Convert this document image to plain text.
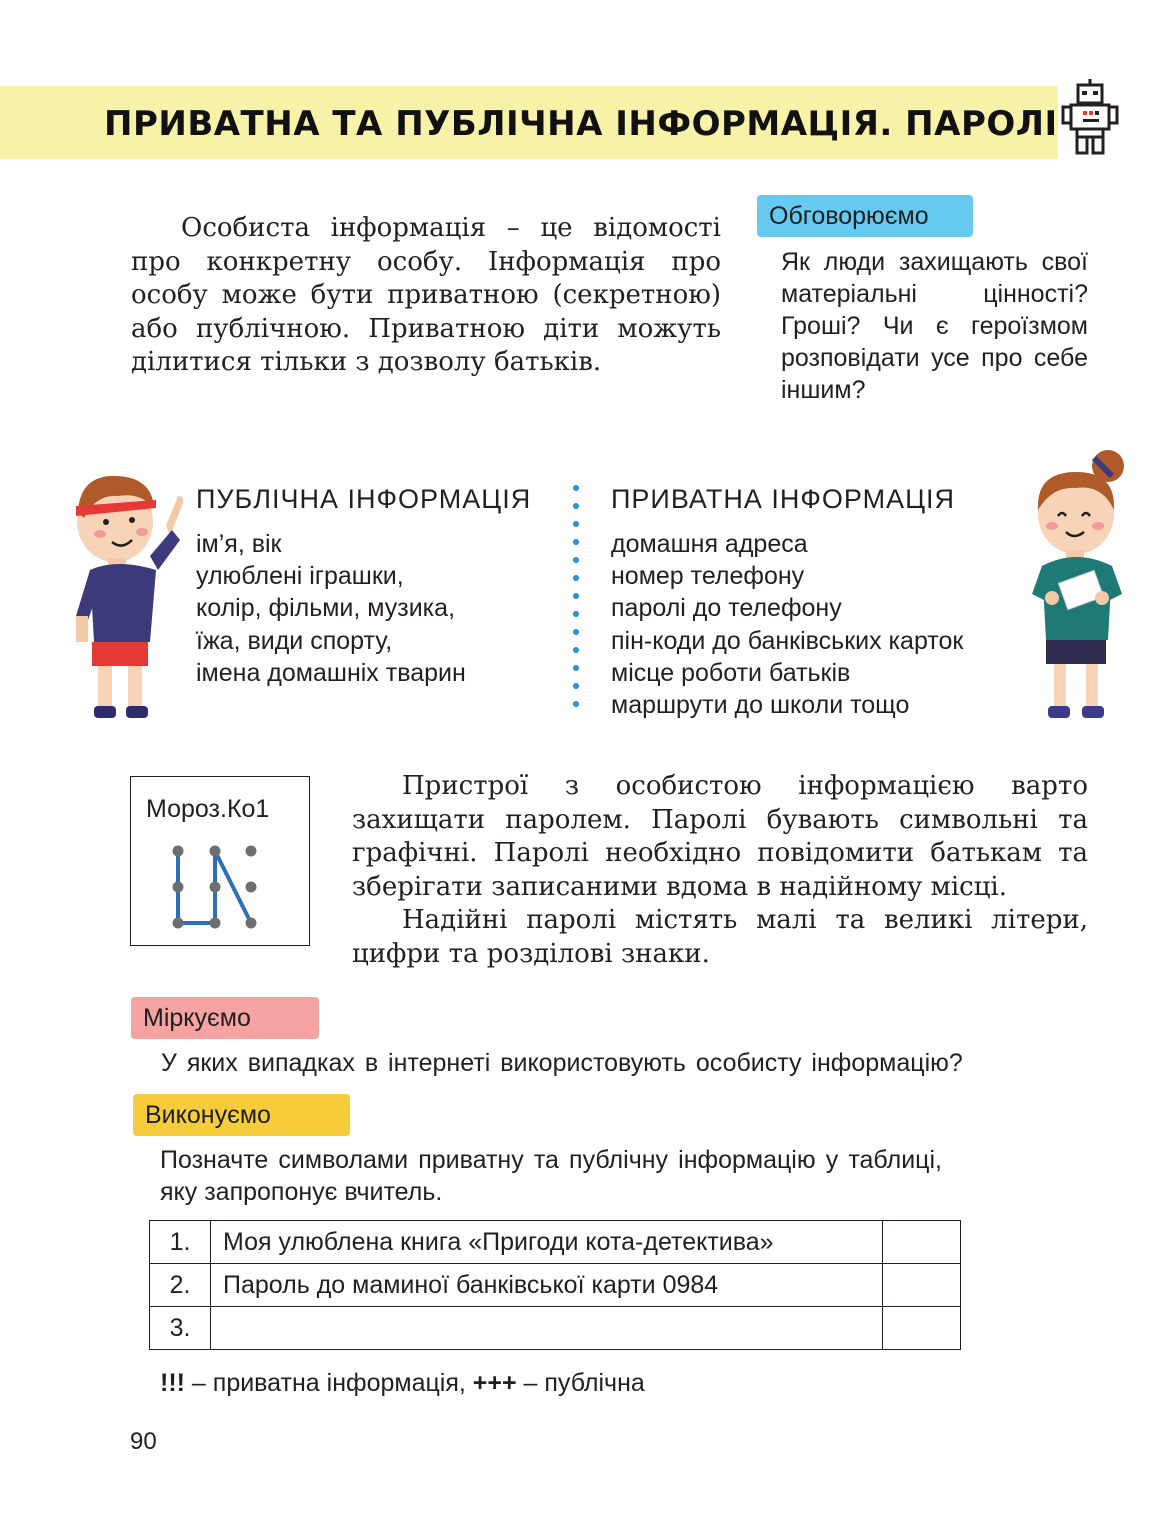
ПРИВАТНА ТА ПУБЛІЧНА ІНФОРМАЦІЯ. ПАРОЛІ
Особиста інформація – це відомості про конкретну особу. Інформація про особу може бути приватною (секретною) або публічною. Приватною діти можуть ділитися тільки з дозволу батьків.
Обговорюємо
Як люди захищають свої матеріальні цінності? Гроші? Чи є героїзмом розповідати усе про себе іншим?
ПУБЛІЧНА ІНФОРМАЦІЯ
ім’я, вік
улюблені іграшки,
колір, фільми, музика,
їжа, види спорту,
імена домашніх тварин
ПРИВАТНА ІНФОРМАЦІЯ
домашня адреса
номер телефону
паролі до телефону
пін-коди до банківських карток
місце роботи батьків
маршрути до школи тощо
Мороз.Ко1

Пристрої з особистою інформацією варто захищати паролем. Паролі бувають символьні та графічні. Паролі необхідно повідомити батькам та зберігати записаними вдома в надійному місці.

Надійні паролі містять малі та великі літери, цифри та розділові знаки.

Міркуємо
У яких випадках в інтернеті використовують особисту інформацію?
Виконуємо
Позначте символами приватну та публічну інформацію у таблиці, яку запропонує вчитель.
1.	Моя улюблена книга «Пригоди кота-детектива»	
2.	Пароль до маминої банківської карти 0984	
3.		
!!! – приватна інформація, +++ – публічна
90
